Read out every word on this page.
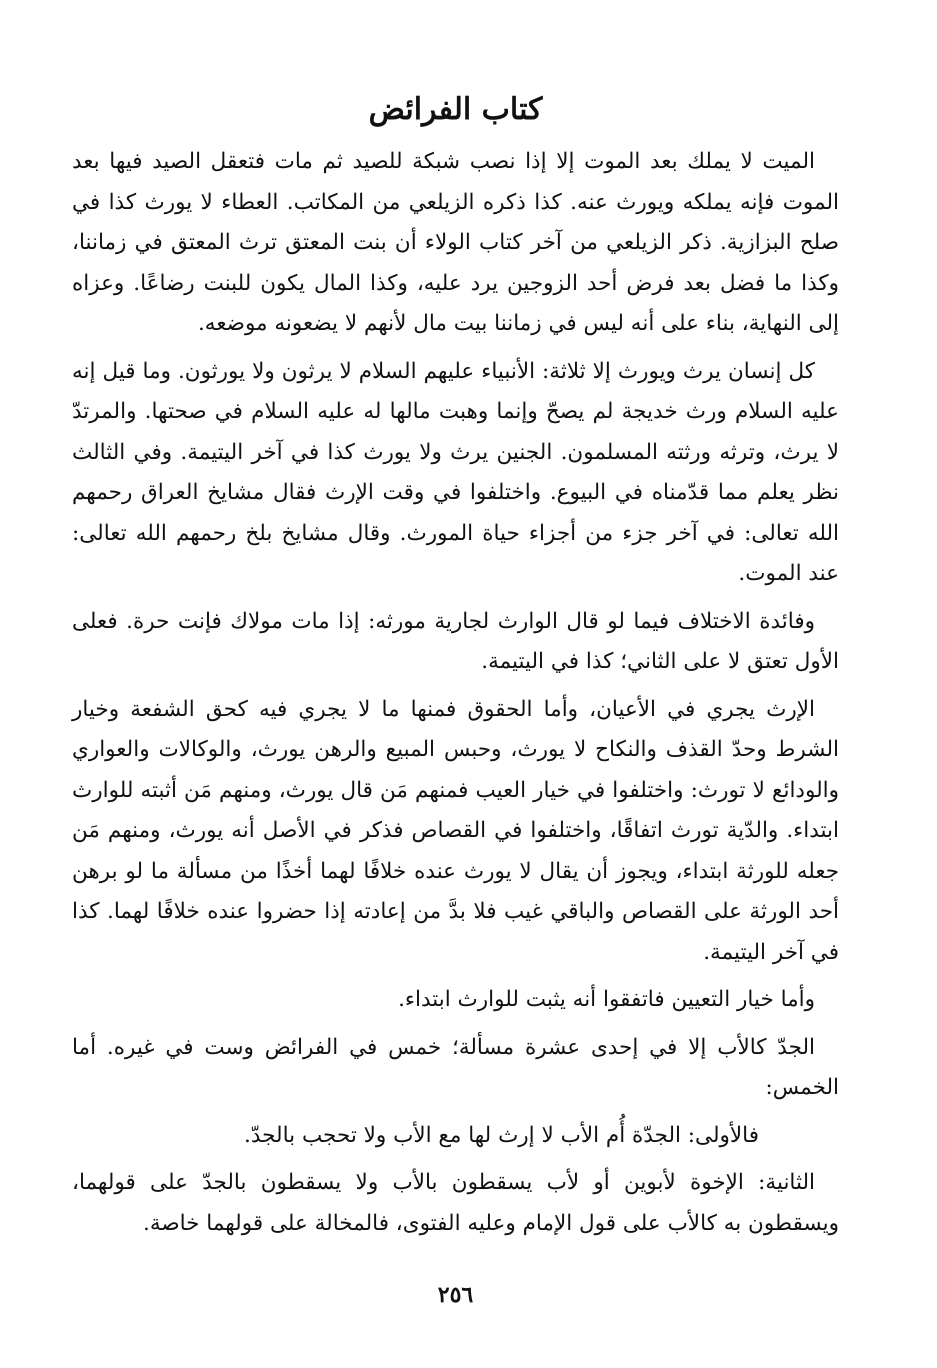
كتاب الفرائض

الميت لا يملك بعد الموت إلا إذا نصب شبكة للصيد ثم مات فتعقل الصيد فيها بعد الموت فإنه يملكه ويورث عنه. كذا ذكره الزيلعي من المكاتب. العطاء لا يورث كذا في صلح البزازية. ذكر الزيلعي من آخر كتاب الولاء أن بنت المعتق ترث المعتق في زماننا، وكذا ما فضل بعد فرض أحد الزوجين يرد عليه، وكذا المال يكون للبنت رضاعًا. وعزاه إلى النهاية، بناء على أنه ليس في زماننا بيت مال لأنهم لا يضعونه موضعه.

كل إنسان يرث ويورث إلا ثلاثة: الأنبياء عليهم السلام لا يرثون ولا يورثون. وما قيل إنه عليه السلام ورث خديجة لم يصحّ وإنما وهبت مالها له عليه السلام في صحتها. والمرتدّ لا يرث، وترثه ورثته المسلمون. الجنين يرث ولا يورث كذا في آخر اليتيمة. وفي الثالث نظر يعلم مما قدّمناه في البيوع. واختلفوا في وقت الإرث فقال مشايخ العراق رحمهم الله تعالى: في آخر جزء من أجزاء حياة المورث. وقال مشايخ بلخ رحمهم الله تعالى: عند الموت.

وفائدة الاختلاف فيما لو قال الوارث لجارية مورثه: إذا مات مولاك فإنت حرة. فعلى الأول تعتق لا على الثاني؛ كذا في اليتيمة.

الإرث يجري في الأعيان، وأما الحقوق فمنها ما لا يجري فيه كحق الشفعة وخيار الشرط وحدّ القذف والنكاح لا يورث، وحبس المبيع والرهن يورث، والوكالات والعواري والودائع لا تورث: واختلفوا في خيار العيب فمنهم مَن قال يورث، ومنهم مَن أثبته للوارث ابتداء. والدّية تورث اتفاقًا، واختلفوا في القصاص فذكر في الأصل أنه يورث، ومنهم مَن جعله للورثة ابتداء، ويجوز أن يقال لا يورث عنده خلافًا لهما أخذًا من مسألة ما لو برهن أحد الورثة على القصاص والباقي غيب فلا بدَّ من إعادته إذا حضروا عنده خلافًا لهما. كذا في آخر اليتيمة.

وأما خيار التعيين فاتفقوا أنه يثبت للوارث ابتداء.

الجدّ كالأب إلا في إحدى عشرة مسألة؛ خمس في الفرائض وست في غيره. أما الخمس:

فالأولى: الجدّة أُم الأب لا إرث لها مع الأب ولا تحجب بالجدّ.

الثانية: الإخوة لأبوين أو لأب يسقطون بالأب ولا يسقطون بالجدّ على قولهما، ويسقطون به كالأب على قول الإمام وعليه الفتوى، فالمخالة على قولهما خاصة.

٢٥٦
